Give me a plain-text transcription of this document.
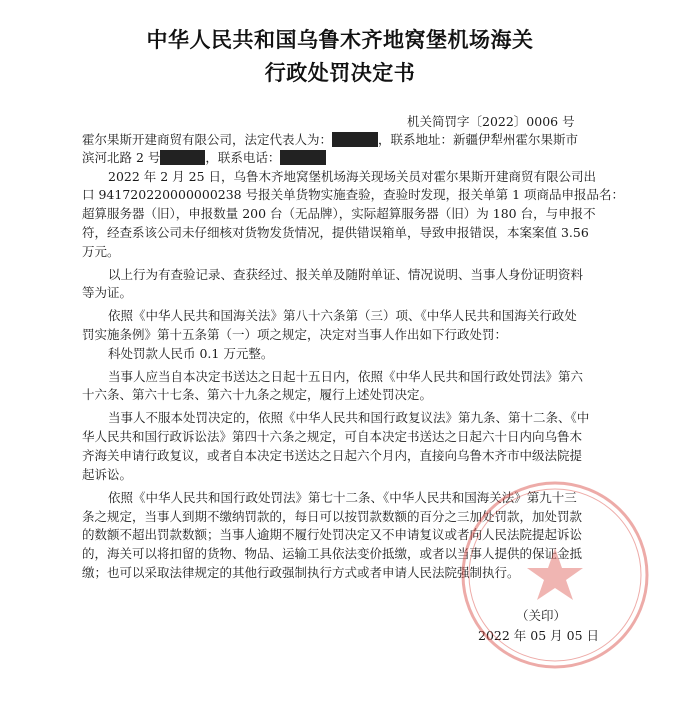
中华人民共和国乌鲁木齐地窝堡机场海关
行政处罚决定书
机关简罚字〔2022〕0006 号
霍尔果斯开建商贸有限公司，法定代表人为：	，联系地址：新疆伊犁州霍尔果斯市
滨河北路 2 号	，联系电话：
2022 年 2 月 25 日，乌鲁木齐地窝堡机场海关现场关员对霍尔果斯开建商贸有限公司出
口 941720220000000238 号报关单货物实施查验，查验时发现，报关单第 1 项商品申报品名：
超算服务器（旧），申报数量 200 台（无品牌），实际超算服务器（旧）为 180 台，与申报不
符，经查系该公司未仔细核对货物发货情况，提供错误箱单，导致申报错误，本案案值 3.56
万元。
以上行为有查验记录、查获经过、报关单及随附单证、情况说明、当事人身份证明资料
等为证。
依照《中华人民共和国海关法》第八十六条第（三）项、《中华人民共和国海关行政处
罚实施条例》第十五条第（一）项之规定，决定对当事人作出如下行政处罚：
科处罚款人民币 0.1 万元整。
当事人应当自本决定书送达之日起十五日内，依照《中华人民共和国行政处罚法》第六
十六条、第六十七条、第六十九条之规定，履行上述处罚决定。
当事人不服本处罚决定的，依照《中华人民共和国行政复议法》第九条、第十二条、《中
华人民共和国行政诉讼法》第四十六条之规定，可自本决定书送达之日起六十日内向乌鲁木
齐海关申请行政复议，或者自本决定书送达之日起六个月内，直接向乌鲁木齐市中级法院提
起诉讼。
依照《中华人民共和国行政处罚法》第七十二条、《中华人民共和国海关法》第九十三
条之规定，当事人到期不缴纳罚款的，每日可以按罚款数额的百分之三加处罚款，加处罚款
的数额不超出罚款数额；当事人逾期不履行处罚决定又不申请复议或者向人民法院提起诉讼
的，海关可以将扣留的货物、物品、运输工具依法变价抵缴，或者以当事人提供的保证金抵
缴；也可以采取法律规定的其他行政强制执行方式或者申请人民法院强制执行。
（关印）
2022 年 05 月 05 日
